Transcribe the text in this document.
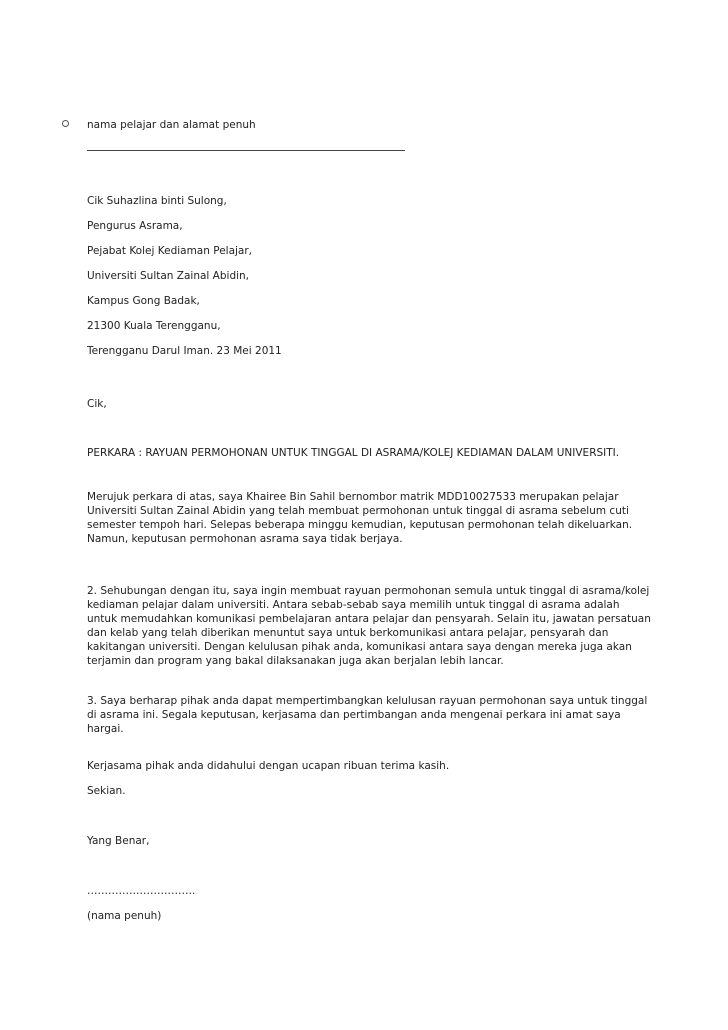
nama pelajar dan alamat penuh
Cik Suhazlina binti Sulong,
Pengurus Asrama,
Pejabat Kolej Kediaman Pelajar,
Universiti Sultan Zainal Abidin,
Kampus Gong Badak,
21300 Kuala Terengganu,
Terengganu Darul Iman. 23 Mei 2011
Cik,
PERKARA : RAYUAN PERMOHONAN UNTUK TINGGAL DI ASRAMA/KOLEJ KEDIAMAN DALAM UNIVERSITI.
Merujuk perkara di atas, saya Khairee Bin Sahil bernombor matrik MDD10027533 merupakan pelajar Universiti Sultan Zainal Abidin yang telah membuat permohonan untuk tinggal di asrama sebelum cuti semester tempoh hari. Selepas beberapa minggu kemudian, keputusan permohonan telah dikeluarkan. Namun, keputusan permohonan asrama saya tidak berjaya.
2. Sehubungan dengan itu, saya ingin membuat rayuan permohonan semula untuk tinggal di asrama/kolej kediaman pelajar dalam universiti. Antara sebab-sebab saya memilih untuk tinggal di asrama adalah untuk memudahkan komunikasi pembelajaran antara pelajar dan pensyarah. Selain itu, jawatan persatuan dan kelab yang telah diberikan menuntut saya untuk berkomunikasi antara pelajar, pensyarah dan kakitangan universiti. Dengan kelulusan pihak anda, komunikasi antara saya dengan mereka juga akan terjamin dan program yang bakal dilaksanakan juga akan berjalan lebih lancar.
3. Saya berharap pihak anda dapat mempertimbangkan kelulusan rayuan permohonan saya untuk tinggal di asrama ini. Segala keputusan, kerjasama dan pertimbangan anda mengenai perkara ini amat saya hargai.
Kerjasama pihak anda didahului dengan ucapan ribuan terima kasih.
Sekian.
Yang Benar,
………………………….
(nama penuh)
